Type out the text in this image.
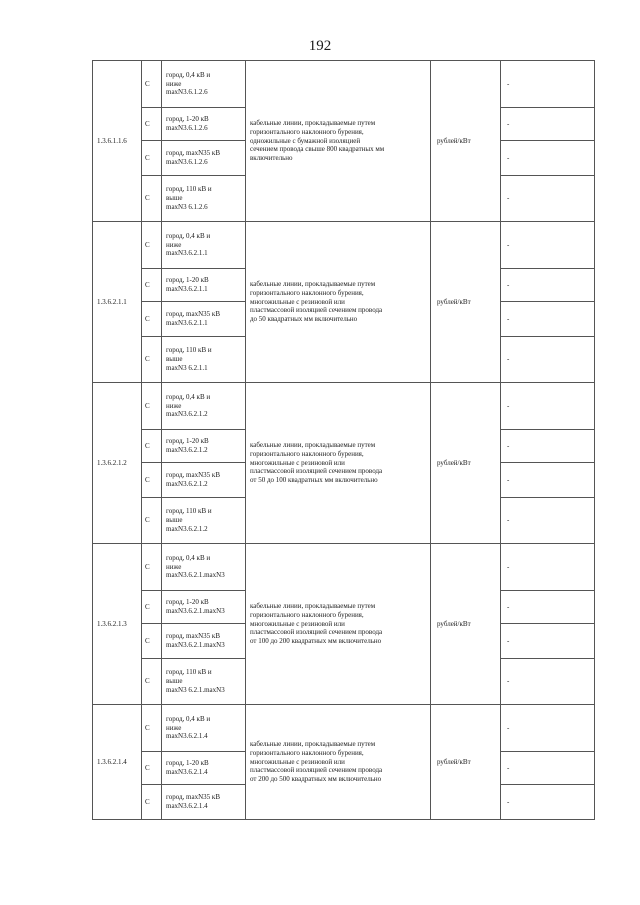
192
1.3.6.1.1.6	С	город, 0,4 кВ и
ниже
maxN3.6.1.2.6	кабельные линии, прокладываемые путем
горизонтального наклонного бурения,
одножильные с бумажной изоляцией
сечением провода свыше 800 квадратных мм
включительно	рублей/кВт	-
	С	город, 1-20 кВ
maxN3.6.1.2.6			-
	С	город, maxN35 кВ
maxN3.6.1.2.6			-
	С	город, 110 кВ и
выше
maxN3 6.1.2.6			-
1.3.6.2.1.1	С	город, 0,4 кВ и
ниже
maxN3.6.2.1.1	кабельные линии, прокладываемые путем
горизонтального наклонного бурения,
многожильные с резиновой или
пластмассовой изоляцией сечением провода
до 50 квадратных мм включительно	рублей/кВт	-
	С	город, 1-20 кВ
maxN3.6.2.1.1			-
	С	город, maxN35 кВ
maxN3.6.2.1.1			-
	С	город, 110 кВ и
выше
maxN3 6.2.1.1			-
1.3.6.2.1.2	С	город, 0,4 кВ и
ниже
maxN3.6.2.1.2	кабельные линии, прокладываемые путем
горизонтального наклонного бурения,
многожильные с резиновой или
пластмассовой изоляцией сечением провода
от 50 до 100 квадратных мм включительно	рублей/кВт	-
	С	город, 1-20 кВ
maxN3.6.2.1.2			-
	С	город, maxN35 кВ
maxN3.6.2.1.2			-
	С	город, 110 кВ и
выше
maxN3.6.2.1.2			-
1.3.6.2.1.3	С	город, 0,4 кВ и
ниже
maxN3.6.2.1.maxN3	кабельные линии, прокладываемые путем
горизонтального наклонного бурения,
многожильные с резиновой или
пластмассовой изоляцией сечением провода
от 100 до 200 квадратных мм включительно	рублей/кВт	-
	С	город, 1-20 кВ
maxN3.6.2.1.maxN3			-
	С	город, maxN35 кВ
maxN3.6.2.1.maxN3			-
	С	город, 110 кВ и
выше
maxN3 6.2.1.maxN3			-
1.3.6.2.1.4	С	город, 0,4 кВ и
ниже
maxN3.6.2.1.4	кабельные линии, прокладываемые путем
горизонтального наклонного бурения,
многожильные с резиновой или
пластмассовой изоляцией сечением провода
от 200 до 500 квадратных мм включительно	рублей/кВт	-
	С	город, 1-20 кВ
maxN3.6.2.1.4			-
	С	город, maxN35 кВ
maxN3.6.2.1.4			-
